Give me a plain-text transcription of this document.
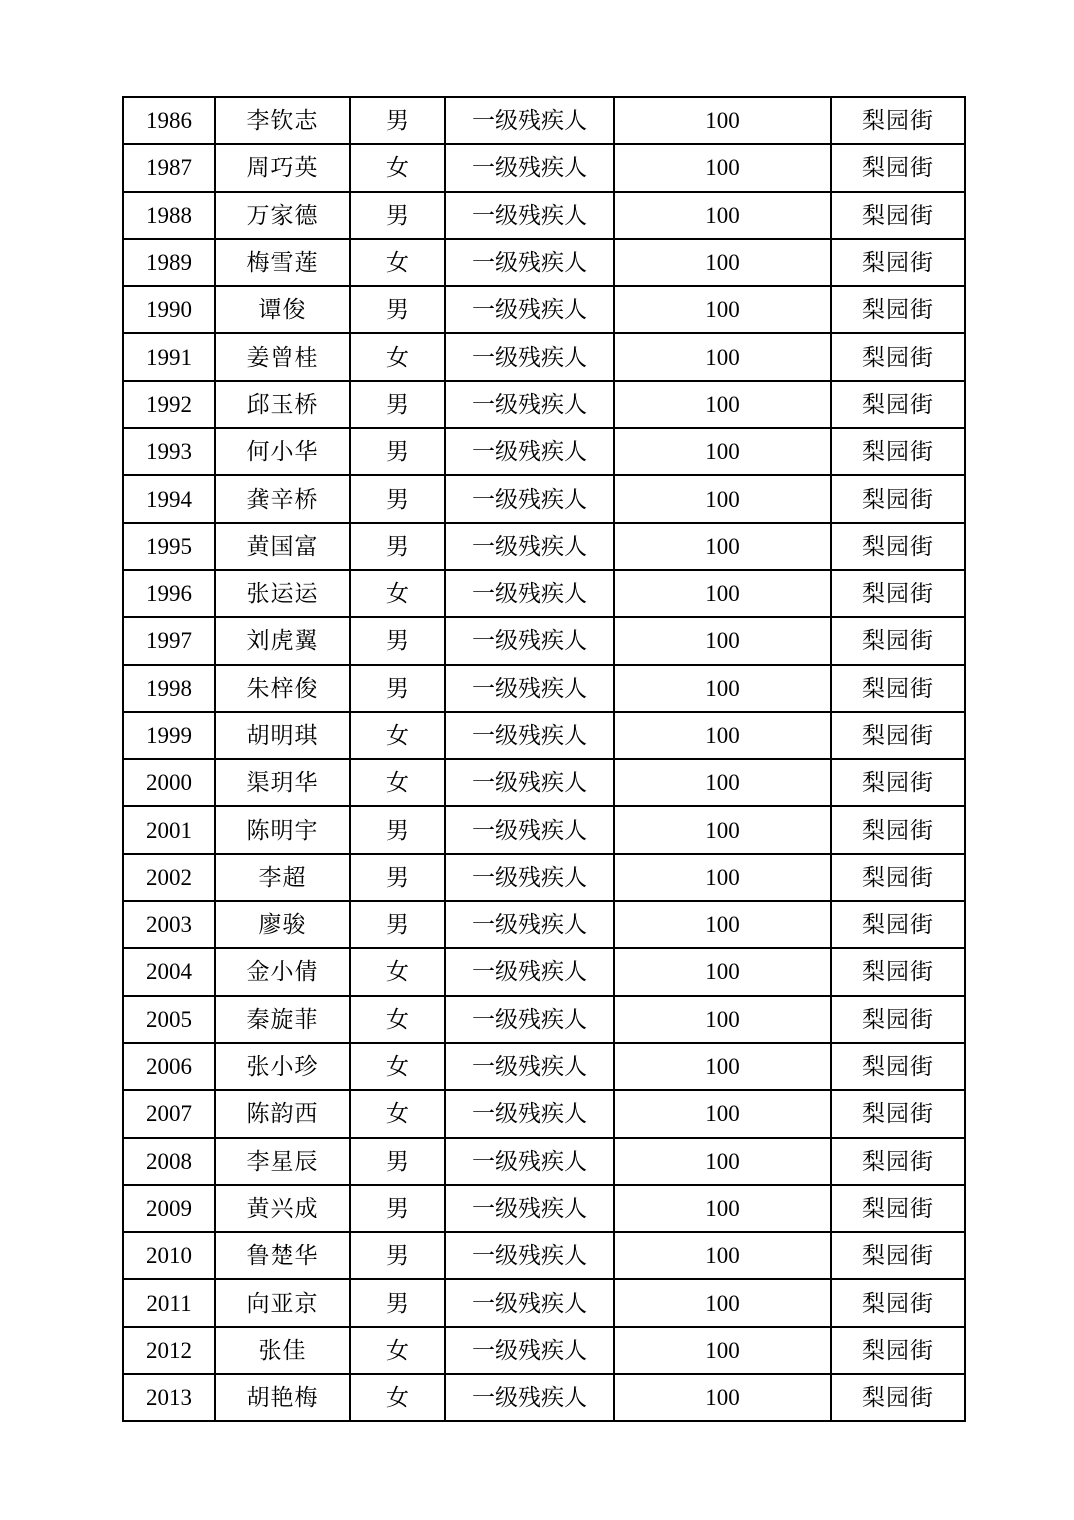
1986	李钦志	男	一级残疾人	100	梨园街
1987	周巧英	女	一级残疾人	100	梨园街
1988	万家德	男	一级残疾人	100	梨园街
1989	梅雪莲	女	一级残疾人	100	梨园街
1990	谭俊	男	一级残疾人	100	梨园街
1991	姜曾桂	女	一级残疾人	100	梨园街
1992	邱玉桥	男	一级残疾人	100	梨园街
1993	何小华	男	一级残疾人	100	梨园街
1994	龚辛桥	男	一级残疾人	100	梨园街
1995	黄国富	男	一级残疾人	100	梨园街
1996	张运运	女	一级残疾人	100	梨园街
1997	刘虎翼	男	一级残疾人	100	梨园街
1998	朱梓俊	男	一级残疾人	100	梨园街
1999	胡明琪	女	一级残疾人	100	梨园街
2000	渠玥华	女	一级残疾人	100	梨园街
2001	陈明宇	男	一级残疾人	100	梨园街
2002	李超	男	一级残疾人	100	梨园街
2003	廖骏	男	一级残疾人	100	梨园街
2004	金小倩	女	一级残疾人	100	梨园街
2005	秦旋菲	女	一级残疾人	100	梨园街
2006	张小珍	女	一级残疾人	100	梨园街
2007	陈韵西	女	一级残疾人	100	梨园街
2008	李星辰	男	一级残疾人	100	梨园街
2009	黄兴成	男	一级残疾人	100	梨园街
2010	鲁楚华	男	一级残疾人	100	梨园街
2011	向亚京	男	一级残疾人	100	梨园街
2012	张佳	女	一级残疾人	100	梨园街
2013	胡艳梅	女	一级残疾人	100	梨园街
